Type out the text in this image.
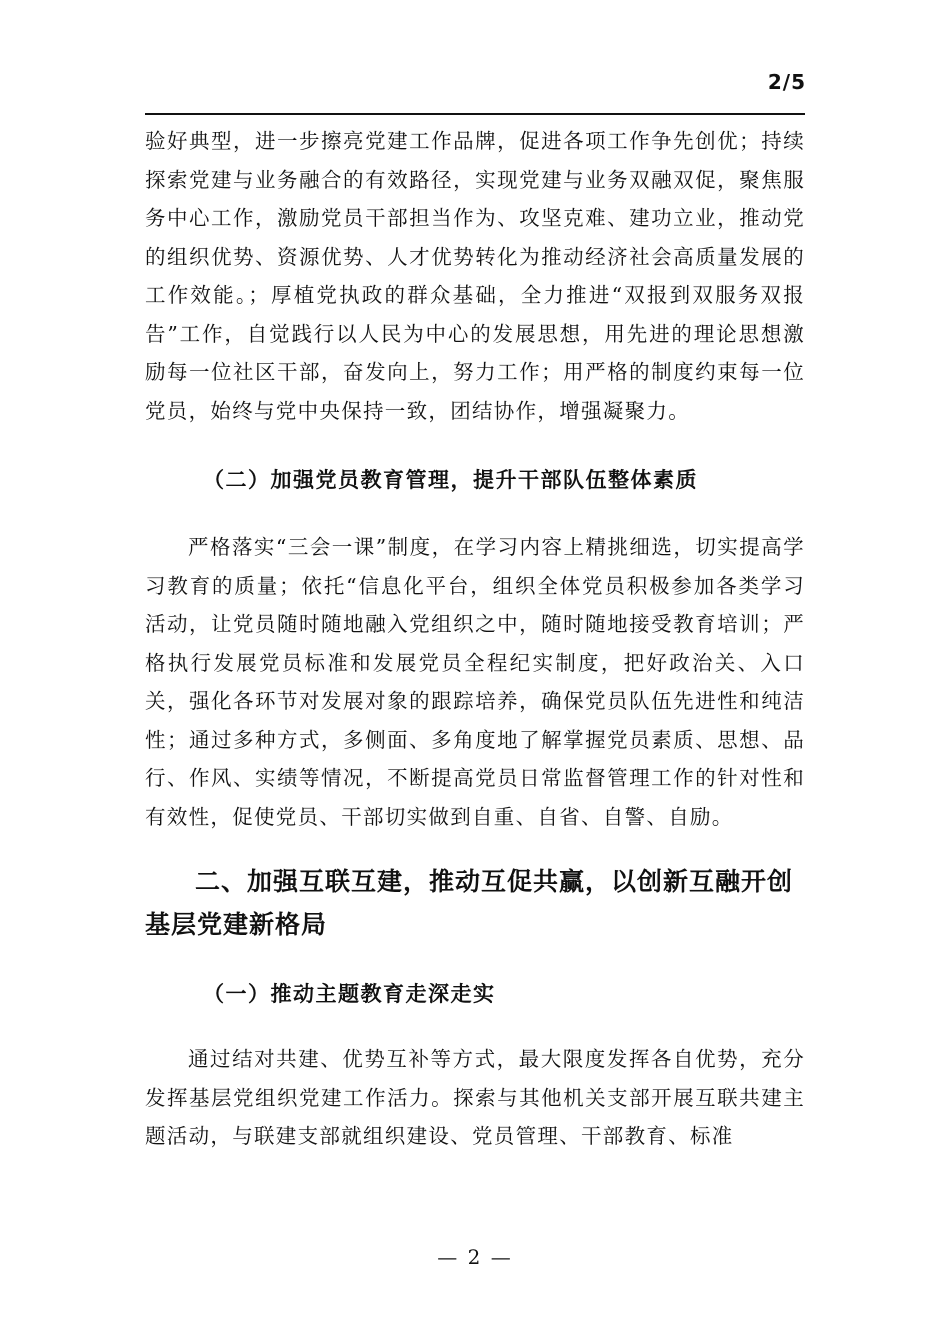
2/5

验好典型，进一步擦亮党建工作品牌，促进各项工作争先创优；持续探索党建与业务融合的有效路径，实现党建与业务双融双促，聚焦服务中心工作，激励党员干部担当作为、攻坚克难、建功立业，推动党的组织优势、资源优势、人才优势转化为推动经济社会高质量发展的工作效能。；厚植党执政的群众基础，全力推进“双报到双服务双报告”工作，自觉践行以人民为中心的发展思想，用先进的理论思想激励每一位社区干部，奋发向上，努力工作；用严格的制度约束每一位党员，始终与党中央保持一致，团结协作，增强凝聚力。

（二）加强党员教育管理，提升干部队伍整体素质

严格落实“三会一课”制度，在学习内容上精挑细选，切实提高学习教育的质量；依托“信息化平台，组织全体党员积极参加各类学习活动，让党员随时随地融入党组织之中，随时随地接受教育培训；严格执行发展党员标准和发展党员全程纪实制度，把好政治关、入口关，强化各环节对发展对象的跟踪培养，确保党员队伍先进性和纯洁性；通过多种方式，多侧面、多角度地了解掌握党员素质、思想、品行、作风、实绩等情况，不断提高党员日常监督管理工作的针对性和有效性，促使党员、干部切实做到自重、自省、自警、自励。

二、加强互联互建，推动互促共赢，以创新互融开创基层党建新格局

（一）推动主题教育走深走实

通过结对共建、优势互补等方式，最大限度发挥各自优势，充分发挥基层党组织党建工作活力。探索与其他机关支部开展互联共建主题活动，与联建支部就组织建设、党员管理、干部教育、标准

— 2 —
